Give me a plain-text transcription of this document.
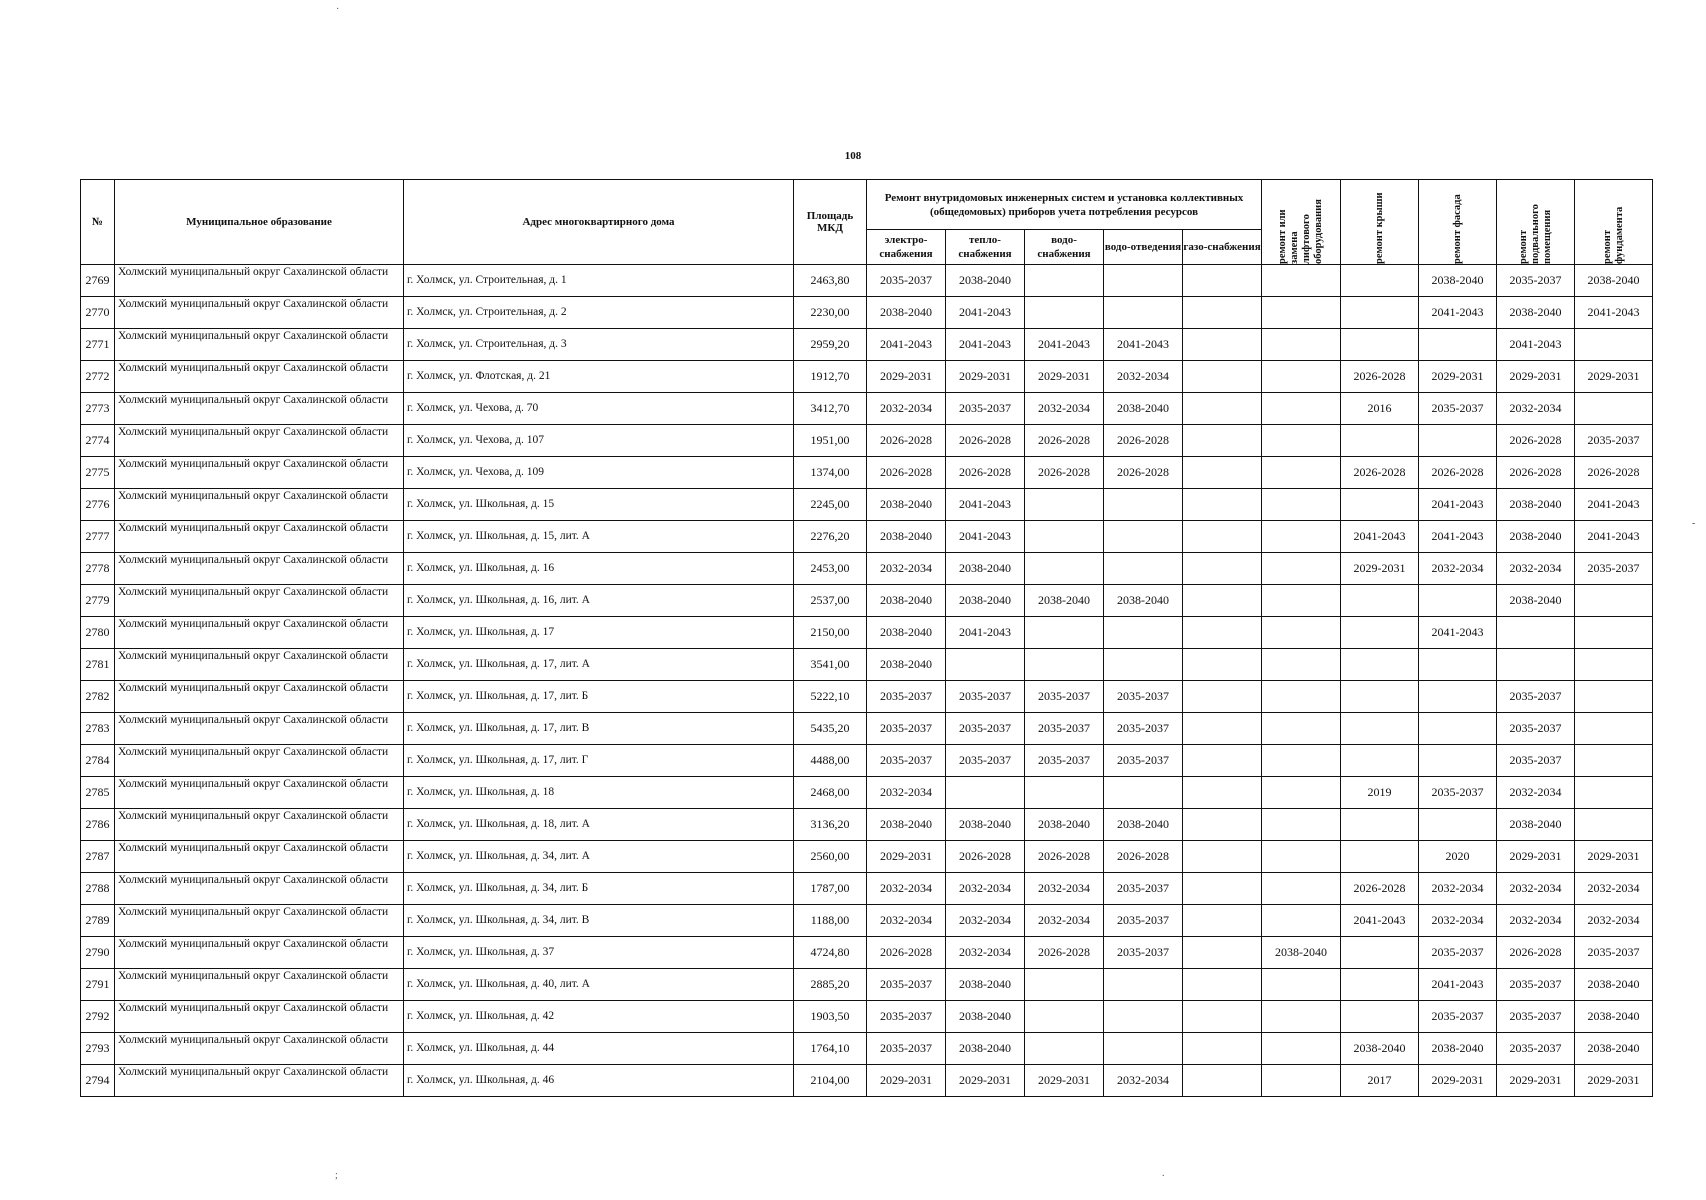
108
№	Муниципальное образование	Адрес многоквартирного дома	Площадь МКД	Ремонт внутридомовых инженерных систем и установка коллективных (общедомовых) приборов учета потребления ресурсов					ремонт или замена лифтового оборудования	ремонт крыши	ремонт фасада	ремонт подвального помещения	ремонт фундамента

				электро-снабжения	тепло-снабжения	водо-снабжения	водо-отведения	газо-снабжения					
2769	Холмский муниципальный округ Сахалинской области	г. Холмск, ул. Строительная, д. 1	2463,80	2035-2037	2038-2040						2038-2040	2035-2037	2038-2040
2770	Холмский муниципальный округ Сахалинской области	г. Холмск, ул. Строительная, д. 2	2230,00	2038-2040	2041-2043						2041-2043	2038-2040	2041-2043
2771	Холмский муниципальный округ Сахалинской области	г. Холмск, ул. Строительная, д. 3	2959,20	2041-2043	2041-2043	2041-2043	2041-2043					2041-2043	
2772	Холмский муниципальный округ Сахалинской области	г. Холмск, ул. Флотская, д. 21	1912,70	2029-2031	2029-2031	2029-2031	2032-2034			2026-2028	2029-2031	2029-2031	2029-2031
2773	Холмский муниципальный округ Сахалинской области	г. Холмск, ул. Чехова, д. 70	3412,70	2032-2034	2035-2037	2032-2034	2038-2040			2016	2035-2037	2032-2034	
2774	Холмский муниципальный округ Сахалинской области	г. Холмск, ул. Чехова, д. 107	1951,00	2026-2028	2026-2028	2026-2028	2026-2028					2026-2028	2035-2037
2775	Холмский муниципальный округ Сахалинской области	г. Холмск, ул. Чехова, д. 109	1374,00	2026-2028	2026-2028	2026-2028	2026-2028			2026-2028	2026-2028	2026-2028	2026-2028
2776	Холмский муниципальный округ Сахалинской области	г. Холмск, ул. Школьная, д. 15	2245,00	2038-2040	2041-2043						2041-2043	2038-2040	2041-2043
2777	Холмский муниципальный округ Сахалинской области	г. Холмск, ул. Школьная, д. 15, лит. А	2276,20	2038-2040	2041-2043					2041-2043	2041-2043	2038-2040	2041-2043
2778	Холмский муниципальный округ Сахалинской области	г. Холмск, ул. Школьная, д. 16	2453,00	2032-2034	2038-2040					2029-2031	2032-2034	2032-2034	2035-2037
2779	Холмский муниципальный округ Сахалинской области	г. Холмск, ул. Школьная, д. 16, лит. А	2537,00	2038-2040	2038-2040	2038-2040	2038-2040					2038-2040	
2780	Холмский муниципальный округ Сахалинской области	г. Холмск, ул. Школьная, д. 17	2150,00	2038-2040	2041-2043						2041-2043		
2781	Холмский муниципальный округ Сахалинской области	г. Холмск, ул. Школьная, д. 17, лит. А	3541,00	2038-2040									
2782	Холмский муниципальный округ Сахалинской области	г. Холмск, ул. Школьная, д. 17, лит. Б	5222,10	2035-2037	2035-2037	2035-2037	2035-2037					2035-2037	
2783	Холмский муниципальный округ Сахалинской области	г. Холмск, ул. Школьная, д. 17, лит. В	5435,20	2035-2037	2035-2037	2035-2037	2035-2037					2035-2037	
2784	Холмский муниципальный округ Сахалинской области	г. Холмск, ул. Школьная, д. 17, лит. Г	4488,00	2035-2037	2035-2037	2035-2037	2035-2037					2035-2037	
2785	Холмский муниципальный округ Сахалинской области	г. Холмск, ул. Школьная, д. 18	2468,00	2032-2034						2019	2035-2037	2032-2034	
2786	Холмский муниципальный округ Сахалинской области	г. Холмск, ул. Школьная, д. 18, лит. А	3136,20	2038-2040	2038-2040	2038-2040	2038-2040					2038-2040	
2787	Холмский муниципальный округ Сахалинской области	г. Холмск, ул. Школьная, д. 34, лит. А	2560,00	2029-2031	2026-2028	2026-2028	2026-2028				2020	2029-2031	2029-2031
2788	Холмский муниципальный округ Сахалинской области	г. Холмск, ул. Школьная, д. 34, лит. Б	1787,00	2032-2034	2032-2034	2032-2034	2035-2037			2026-2028	2032-2034	2032-2034	2032-2034
2789	Холмский муниципальный округ Сахалинской области	г. Холмск, ул. Школьная, д. 34, лит. В	1188,00	2032-2034	2032-2034	2032-2034	2035-2037			2041-2043	2032-2034	2032-2034	2032-2034
2790	Холмский муниципальный округ Сахалинской области	г. Холмск, ул. Школьная, д. 37	4724,80	2026-2028	2032-2034	2026-2028	2035-2037		2038-2040		2035-2037	2026-2028	2035-2037
2791	Холмский муниципальный округ Сахалинской области	г. Холмск, ул. Школьная, д. 40, лит. А	2885,20	2035-2037	2038-2040						2041-2043	2035-2037	2038-2040
2792	Холмский муниципальный округ Сахалинской области	г. Холмск, ул. Школьная, д. 42	1903,50	2035-2037	2038-2040						2035-2037	2035-2037	2038-2040
2793	Холмский муниципальный округ Сахалинской области	г. Холмск, ул. Школьная, д. 44	1764,10	2035-2037	2038-2040					2038-2040	2038-2040	2035-2037	2038-2040
2794	Холмский муниципальный округ Сахалинской области	г. Холмск, ул. Школьная, д. 46	2104,00	2029-2031	2029-2031	2029-2031	2032-2034			2017	2029-2031	2029-2031	2029-2031
·
;	.
-
